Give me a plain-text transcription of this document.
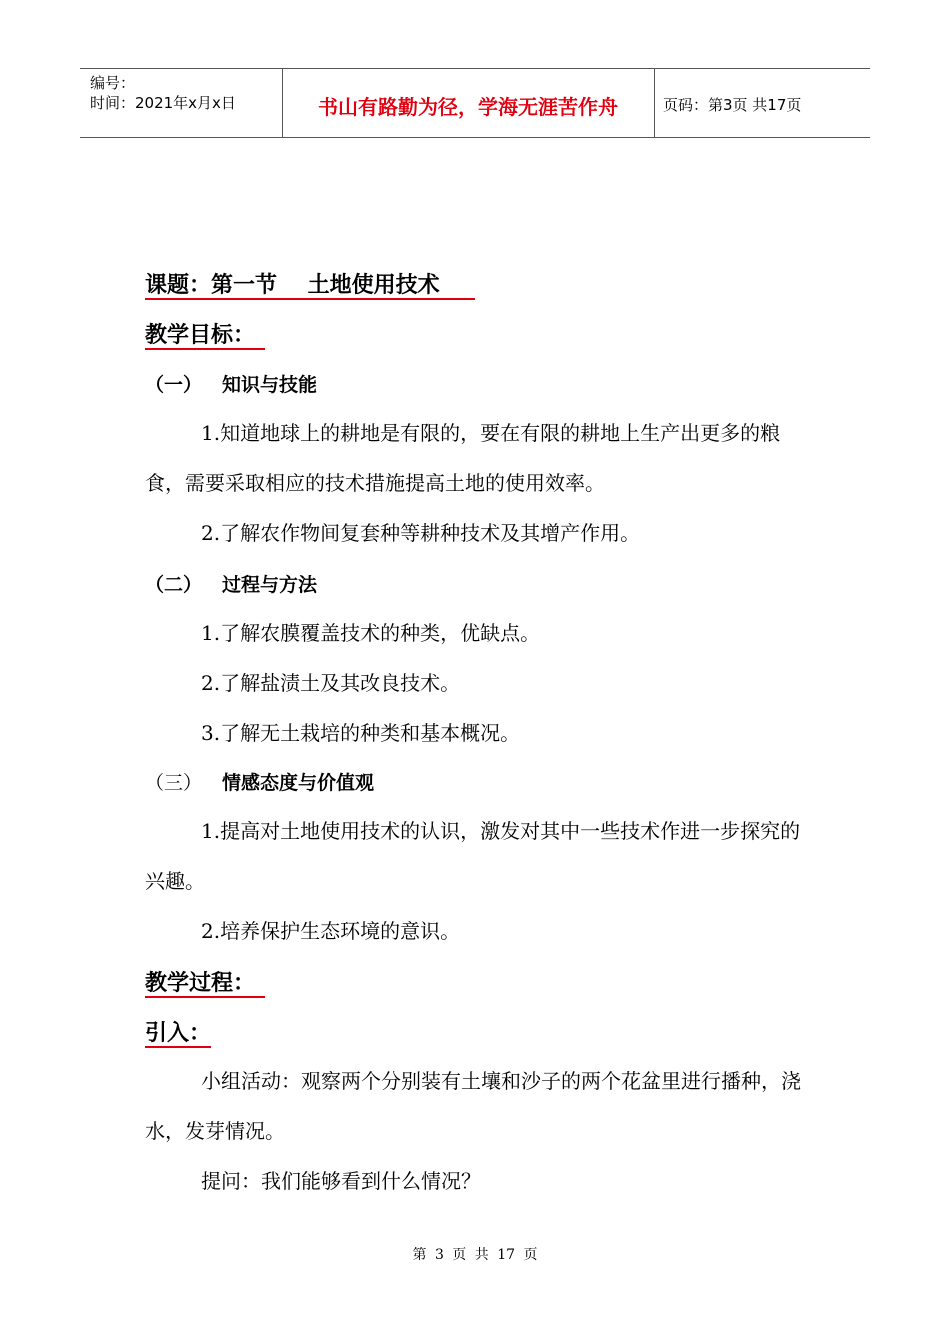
编号：
时间：2021年x月x日	书山有路勤为径，学海无涯苦作舟	页码：第3页 共17页
课题：第一节    土地使用技术
教学目标：
（一） 知识与技能
1.知道地球上的耕地是有限的，要在有限的耕地上生产出更多的粮食，需要采取相应的技术措施提高土地的使用效率。
2.了解农作物间复套种等耕种技术及其增产作用。
（二） 过程与方法
1.了解农膜覆盖技术的种类，优缺点。
2.了解盐渍土及其改良技术。
3.了解无土栽培的种类和基本概况。
（三） 情感态度与价值观
1.提高对土地使用技术的认识，激发对其中一些技术作进一步探究的兴趣。
2.培养保护生态环境的意识。
教学过程：
引入：
小组活动：观察两个分别装有土壤和沙子的两个花盆里进行播种，浇水，发芽情况。
提问：我们能够看到什么情况？
第 3 页 共 17 页
